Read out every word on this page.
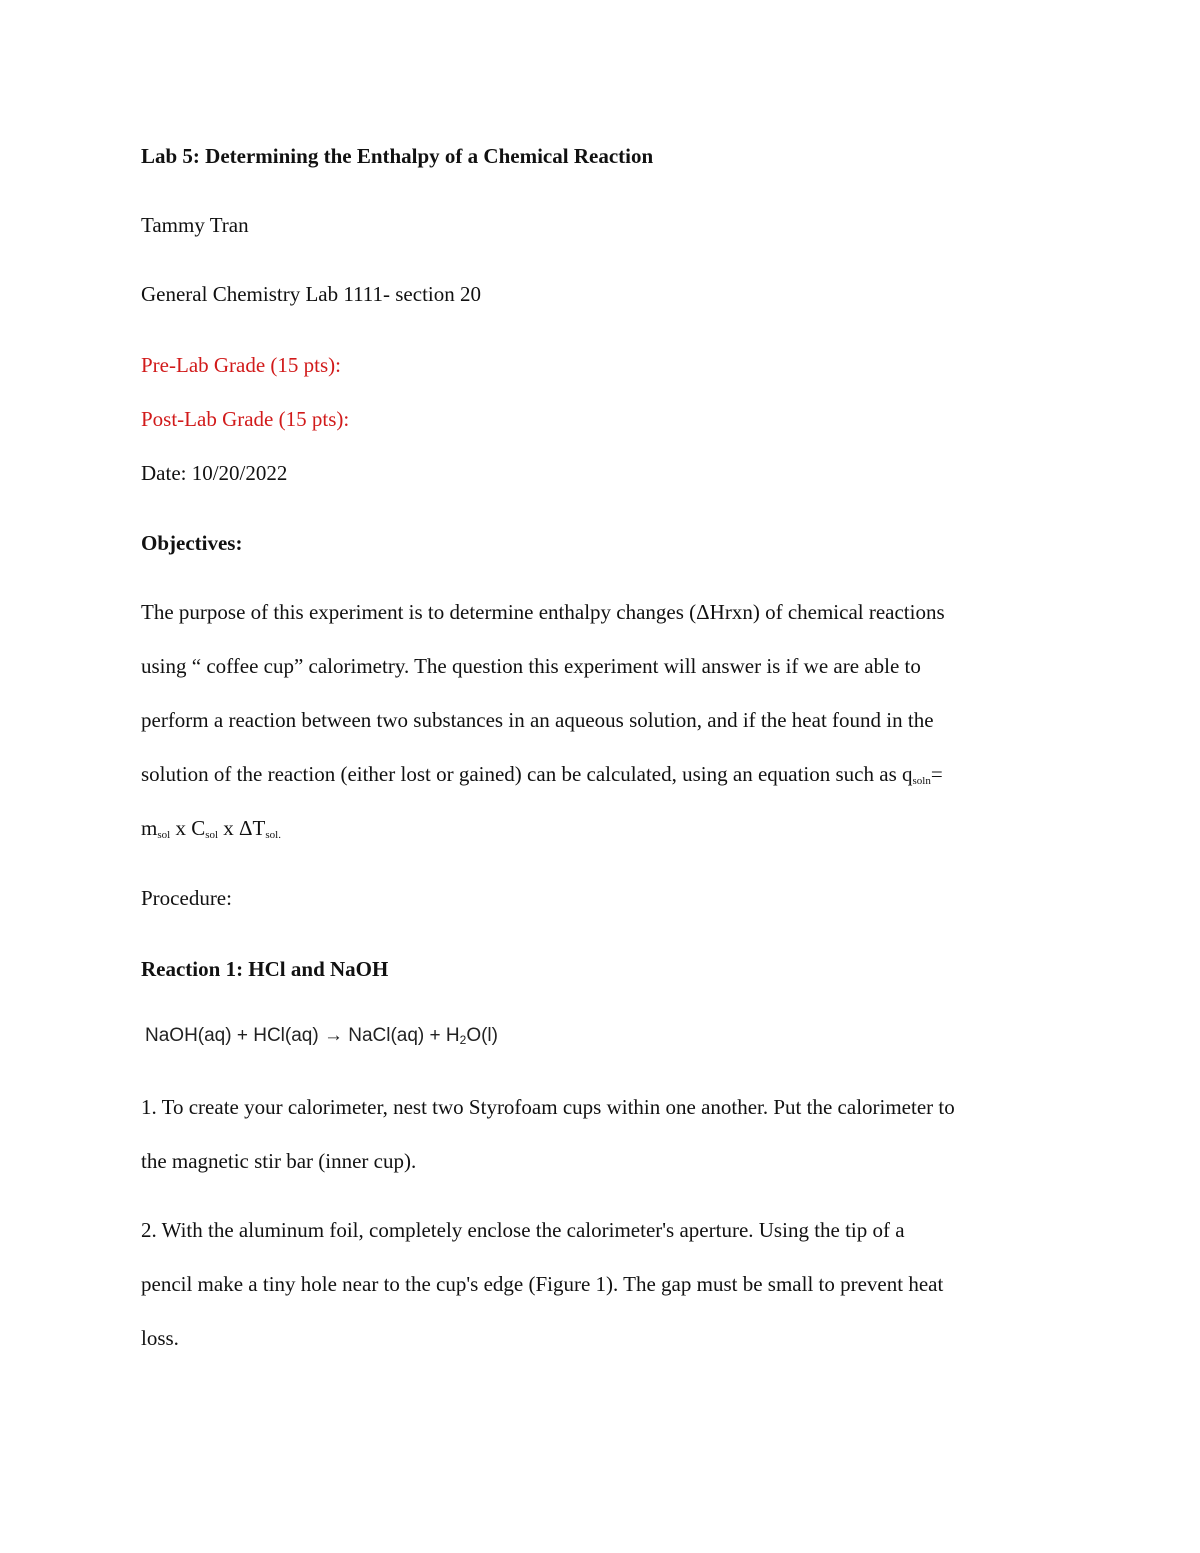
Lab 5: Determining the Enthalpy of a Chemical Reaction
Tammy Tran
General Chemistry Lab 1111- section 20
Pre-Lab Grade (15 pts):
Post-Lab Grade (15 pts):
Date: 10/20/2022
Objectives:
The purpose of this experiment is to determine enthalpy changes (ΔHrxn) of chemical reactions
using “ coffee cup” calorimetry. The question this experiment will answer is if we are able to
perform a reaction between two substances in an aqueous solution, and if the heat found in the
solution of the reaction (either lost or gained) can be calculated, using an equation such as $q_{soln}=$
$m_{sol}$ x $C_{sol}$ x $\Delta T_{sol.}$
Procedure:
Reaction 1: HCl and NaOH
NaOH(aq) + HCl(aq) → NaCl(aq) + $H_2O(l)$
1. To create your calorimeter, nest two Styrofoam cups within one another. Put the calorimeter to
the magnetic stir bar (inner cup).
2. With the aluminum foil, completely enclose the calorimeter's aperture. Using the tip of a
pencil make a tiny hole near to the cup's edge (Figure 1). The gap must be small to prevent heat
loss.
